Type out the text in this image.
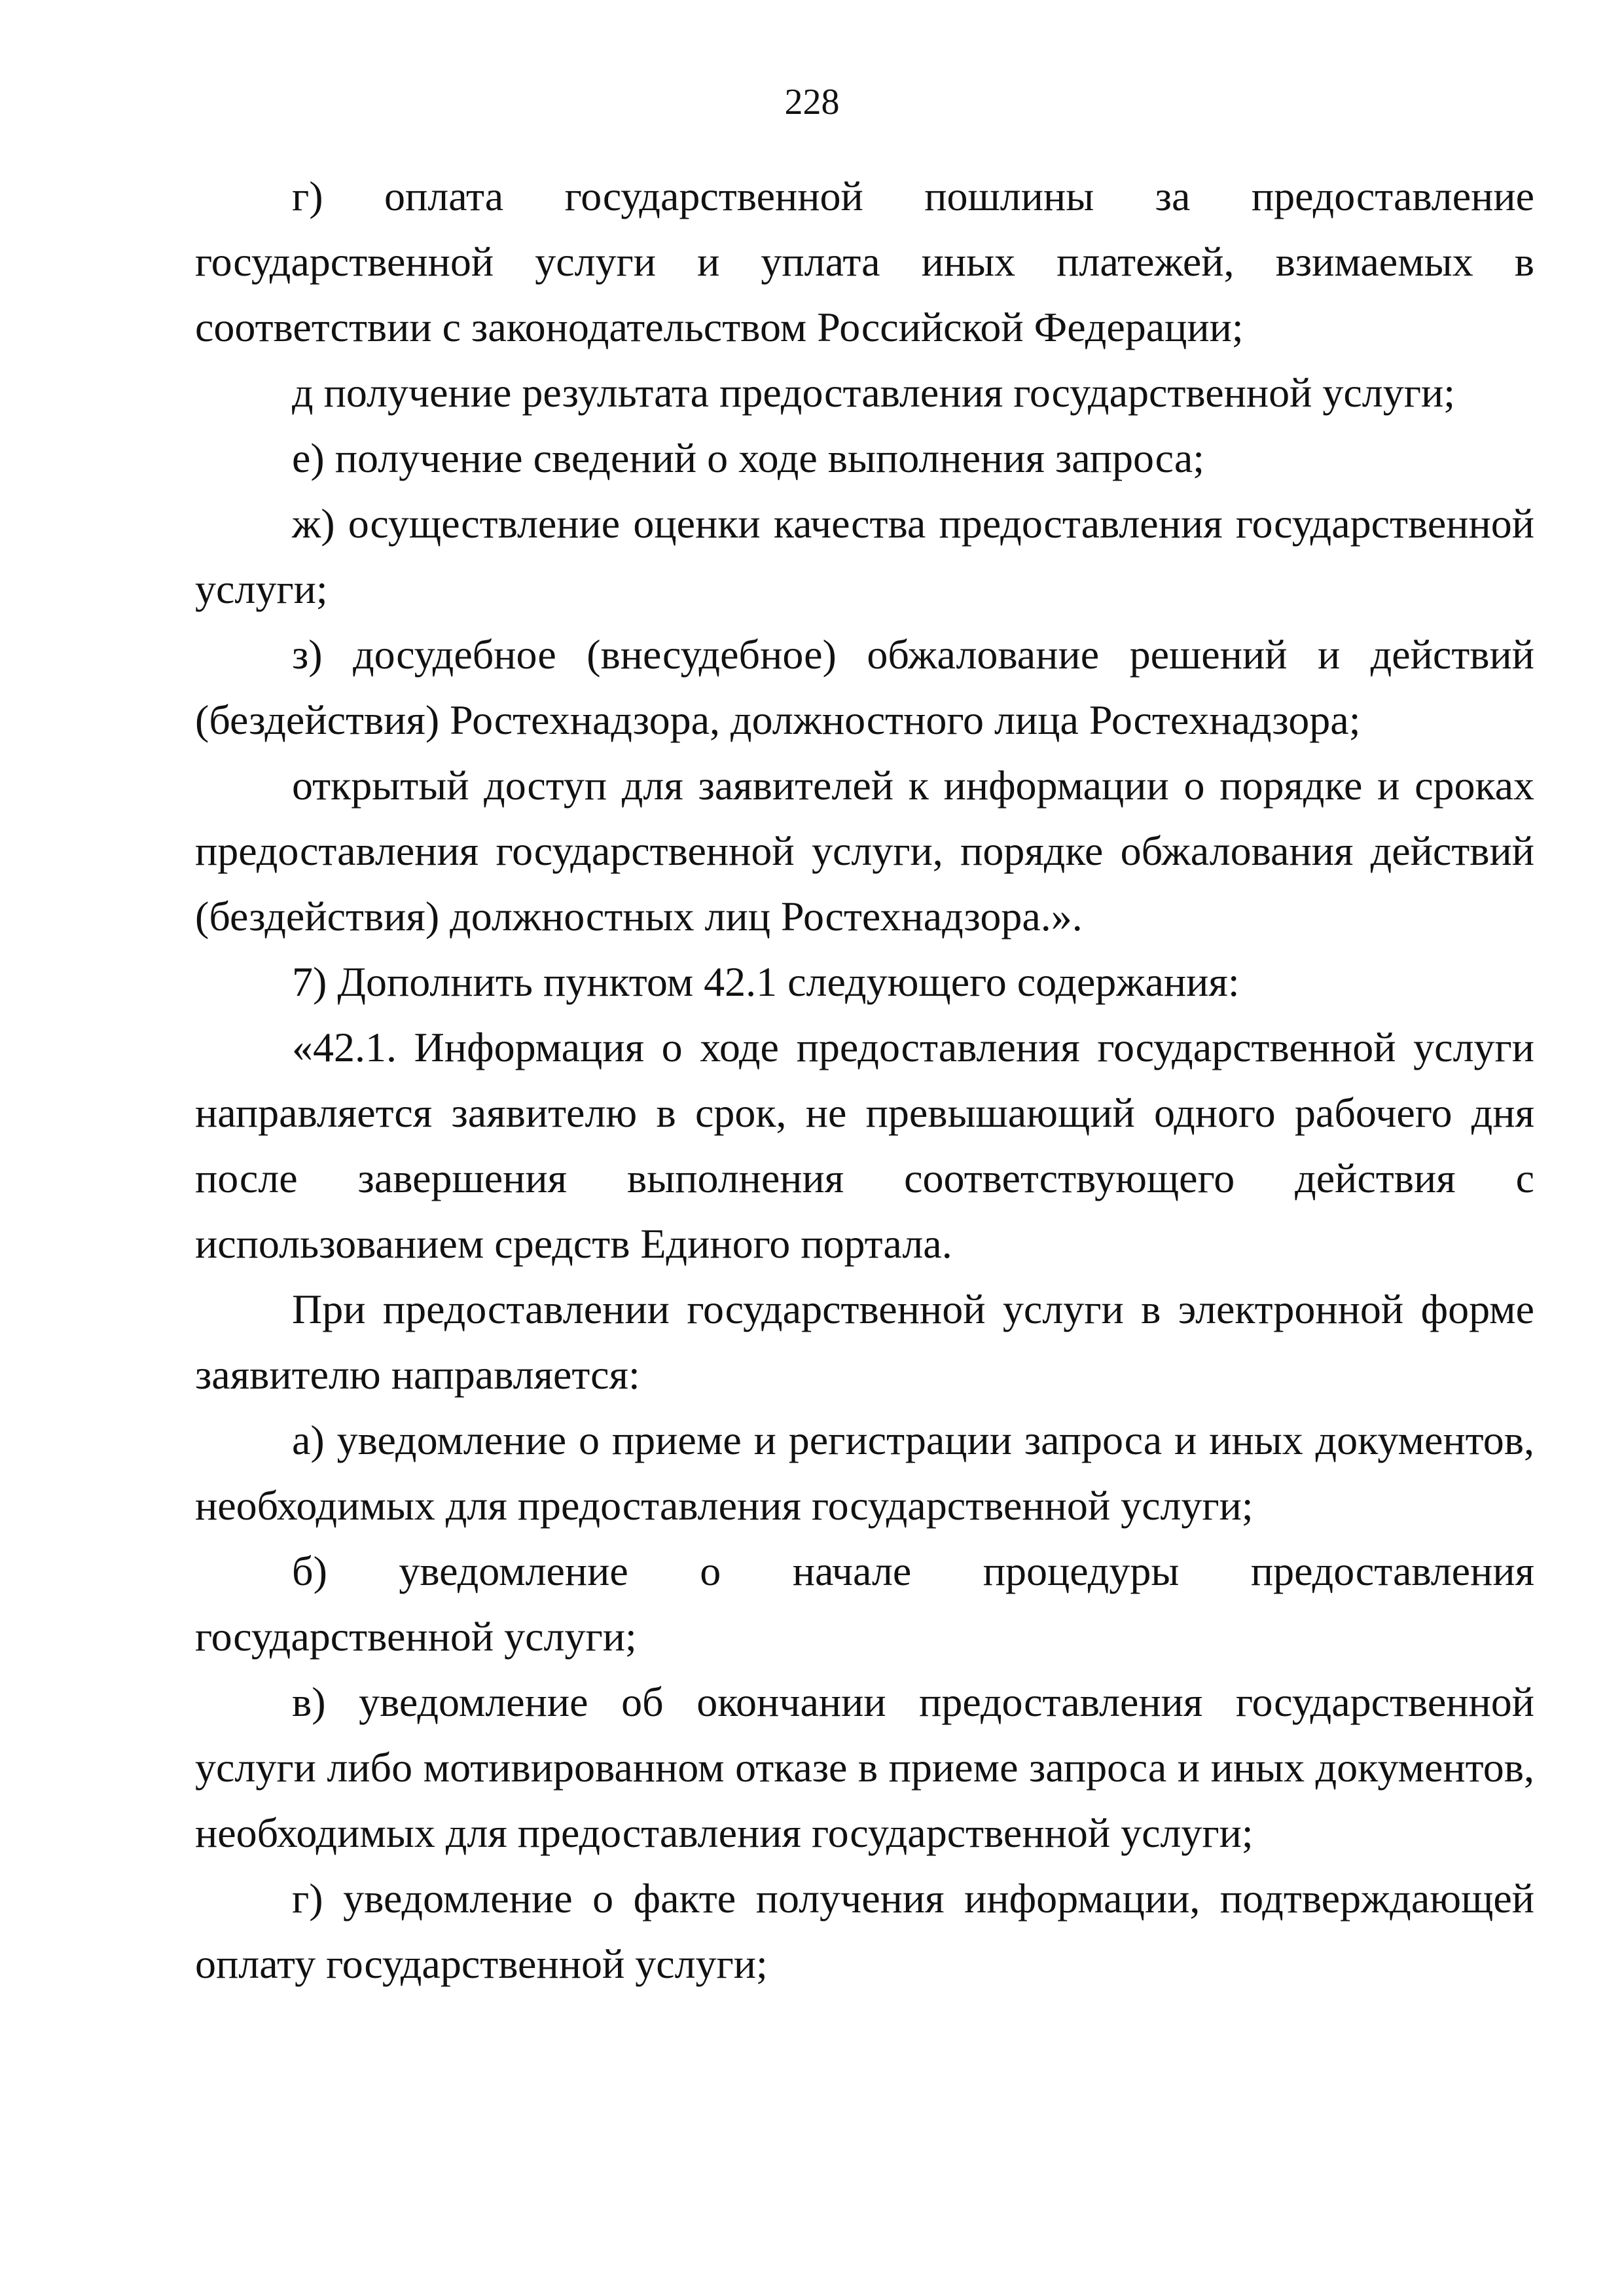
228

г) оплата государственной пошлины за предоставление государственной услуги и уплата иных платежей, взимаемых в соответствии с законодательством Российской Федерации;

д получение результата предоставления государственной услуги;

е) получение сведений о ходе выполнения запроса;

ж) осуществление оценки качества предоставления государственной услуги;

з) досудебное (внесудебное) обжалование решений и действий (бездействия) Ростехнадзора, должностного лица Ростехнадзора;

открытый доступ для заявителей к информации о порядке и сроках предоставления государственной услуги, порядке обжалования действий (бездействия) должностных лиц Ростехнадзора.».

7) Дополнить пунктом 42.1 следующего содержания:

«42.1. Информация о ходе предоставления государственной услуги направляется заявителю в срок, не превышающий одного рабочего дня после завершения выполнения соответствующего действия с использованием средств Единого портала.

При предоставлении государственной услуги в электронной форме заявителю направляется:

а) уведомление о приеме и регистрации запроса и иных документов, необходимых для предоставления государственной услуги;

б) уведомление о начале процедуры предоставления государственной услуги;

в) уведомление об окончании предоставления государственной услуги либо мотивированном отказе в приеме запроса и иных документов, необходимых для предоставления государственной услуги;

г) уведомление о факте получения информации, подтверждающей оплату государственной услуги;
